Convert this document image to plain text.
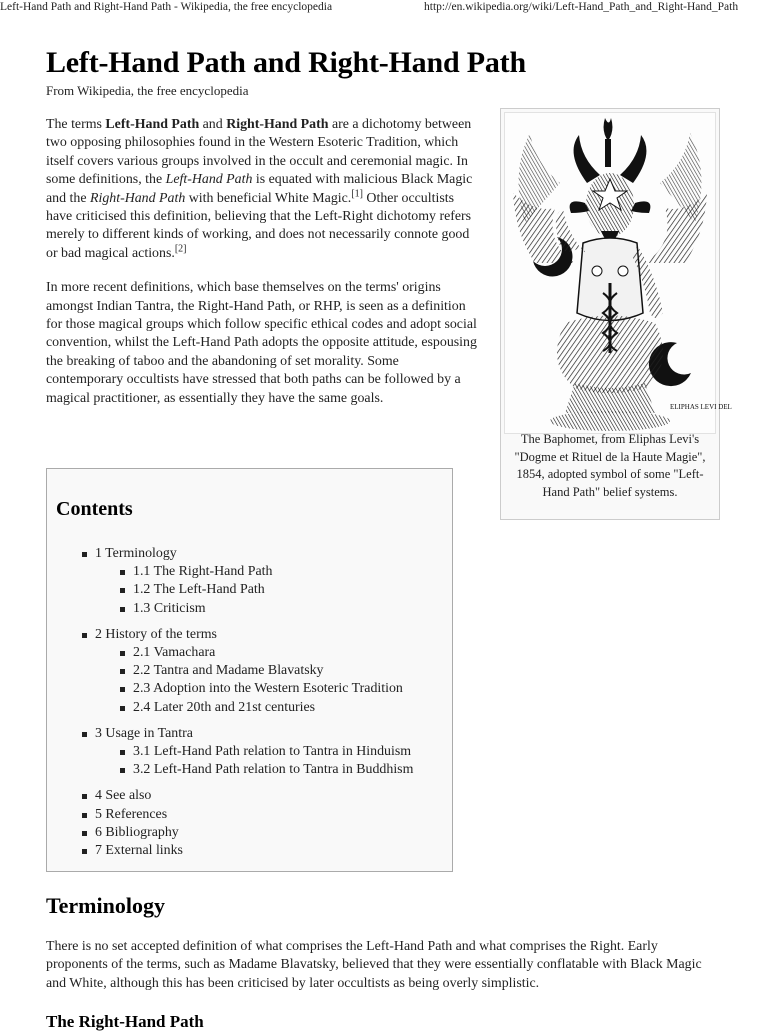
Left-Hand Path and Right-Hand Path - Wikipedia, the free encyclopedia	http://en.wikipedia.org/wiki/Left-Hand_Path_and_Right-Hand_Path
Left-Hand Path and Right-Hand Path
From Wikipedia, the free encyclopedia

The terms Left-Hand Path and Right-Hand Path are a dichotomy between two opposing philosophies found in the Western Esoteric Tradition, which itself covers various groups involved in the occult and ceremonial magic. In some definitions, the Left-Hand Path is equated with malicious Black Magic and the Right-Hand Path with beneficial White Magic.[1] Other occultists have criticised this definition, believing that the Left-Right dichotomy refers merely to different kinds of working, and does not necessarily connote good or bad magical actions.[2]

In more recent definitions, which base themselves on the terms' origins amongst Indian Tantra, the Right-Hand Path, or RHP, is seen as a definition for those magical groups which follow specific ethical codes and adopt social convention, whilst the Left-Hand Path adopts the opposite attitude, espousing the breaking of taboo and the abandoning of set morality. Some contemporary occultists have stressed that both paths can be followed by a magical practitioner, as essentially they have the same goals.

ELIPHAS LEVI DEL
The Baphomet, from Eliphas Levi's "Dogme et Rituel de la Haute Magie", 1854, adopted symbol of some "Left-Hand Path" belief systems.
Contents
1 Terminology
1.1 The Right-Hand Path
1.2 The Left-Hand Path
1.3 Criticism
2 History of the terms
2.1 Vamachara
2.2 Tantra and Madame Blavatsky
2.3 Adoption into the Western Esoteric Tradition
2.4 Later 20th and 21st centuries
3 Usage in Tantra
3.1 Left-Hand Path relation to Tantra in Hinduism
3.2 Left-Hand Path relation to Tantra in Buddhism
4 See also
5 References
6 Bibliography
7 External links
Terminology
There is no set accepted definition of what comprises the Left-Hand Path and what comprises the Right. Early proponents of the terms, such as Madame Blavatsky, believed that they were essentially conflatable with Black Magic and White, although this has been criticised by later occultists as being overly simplistic.
The Right-Hand Path
